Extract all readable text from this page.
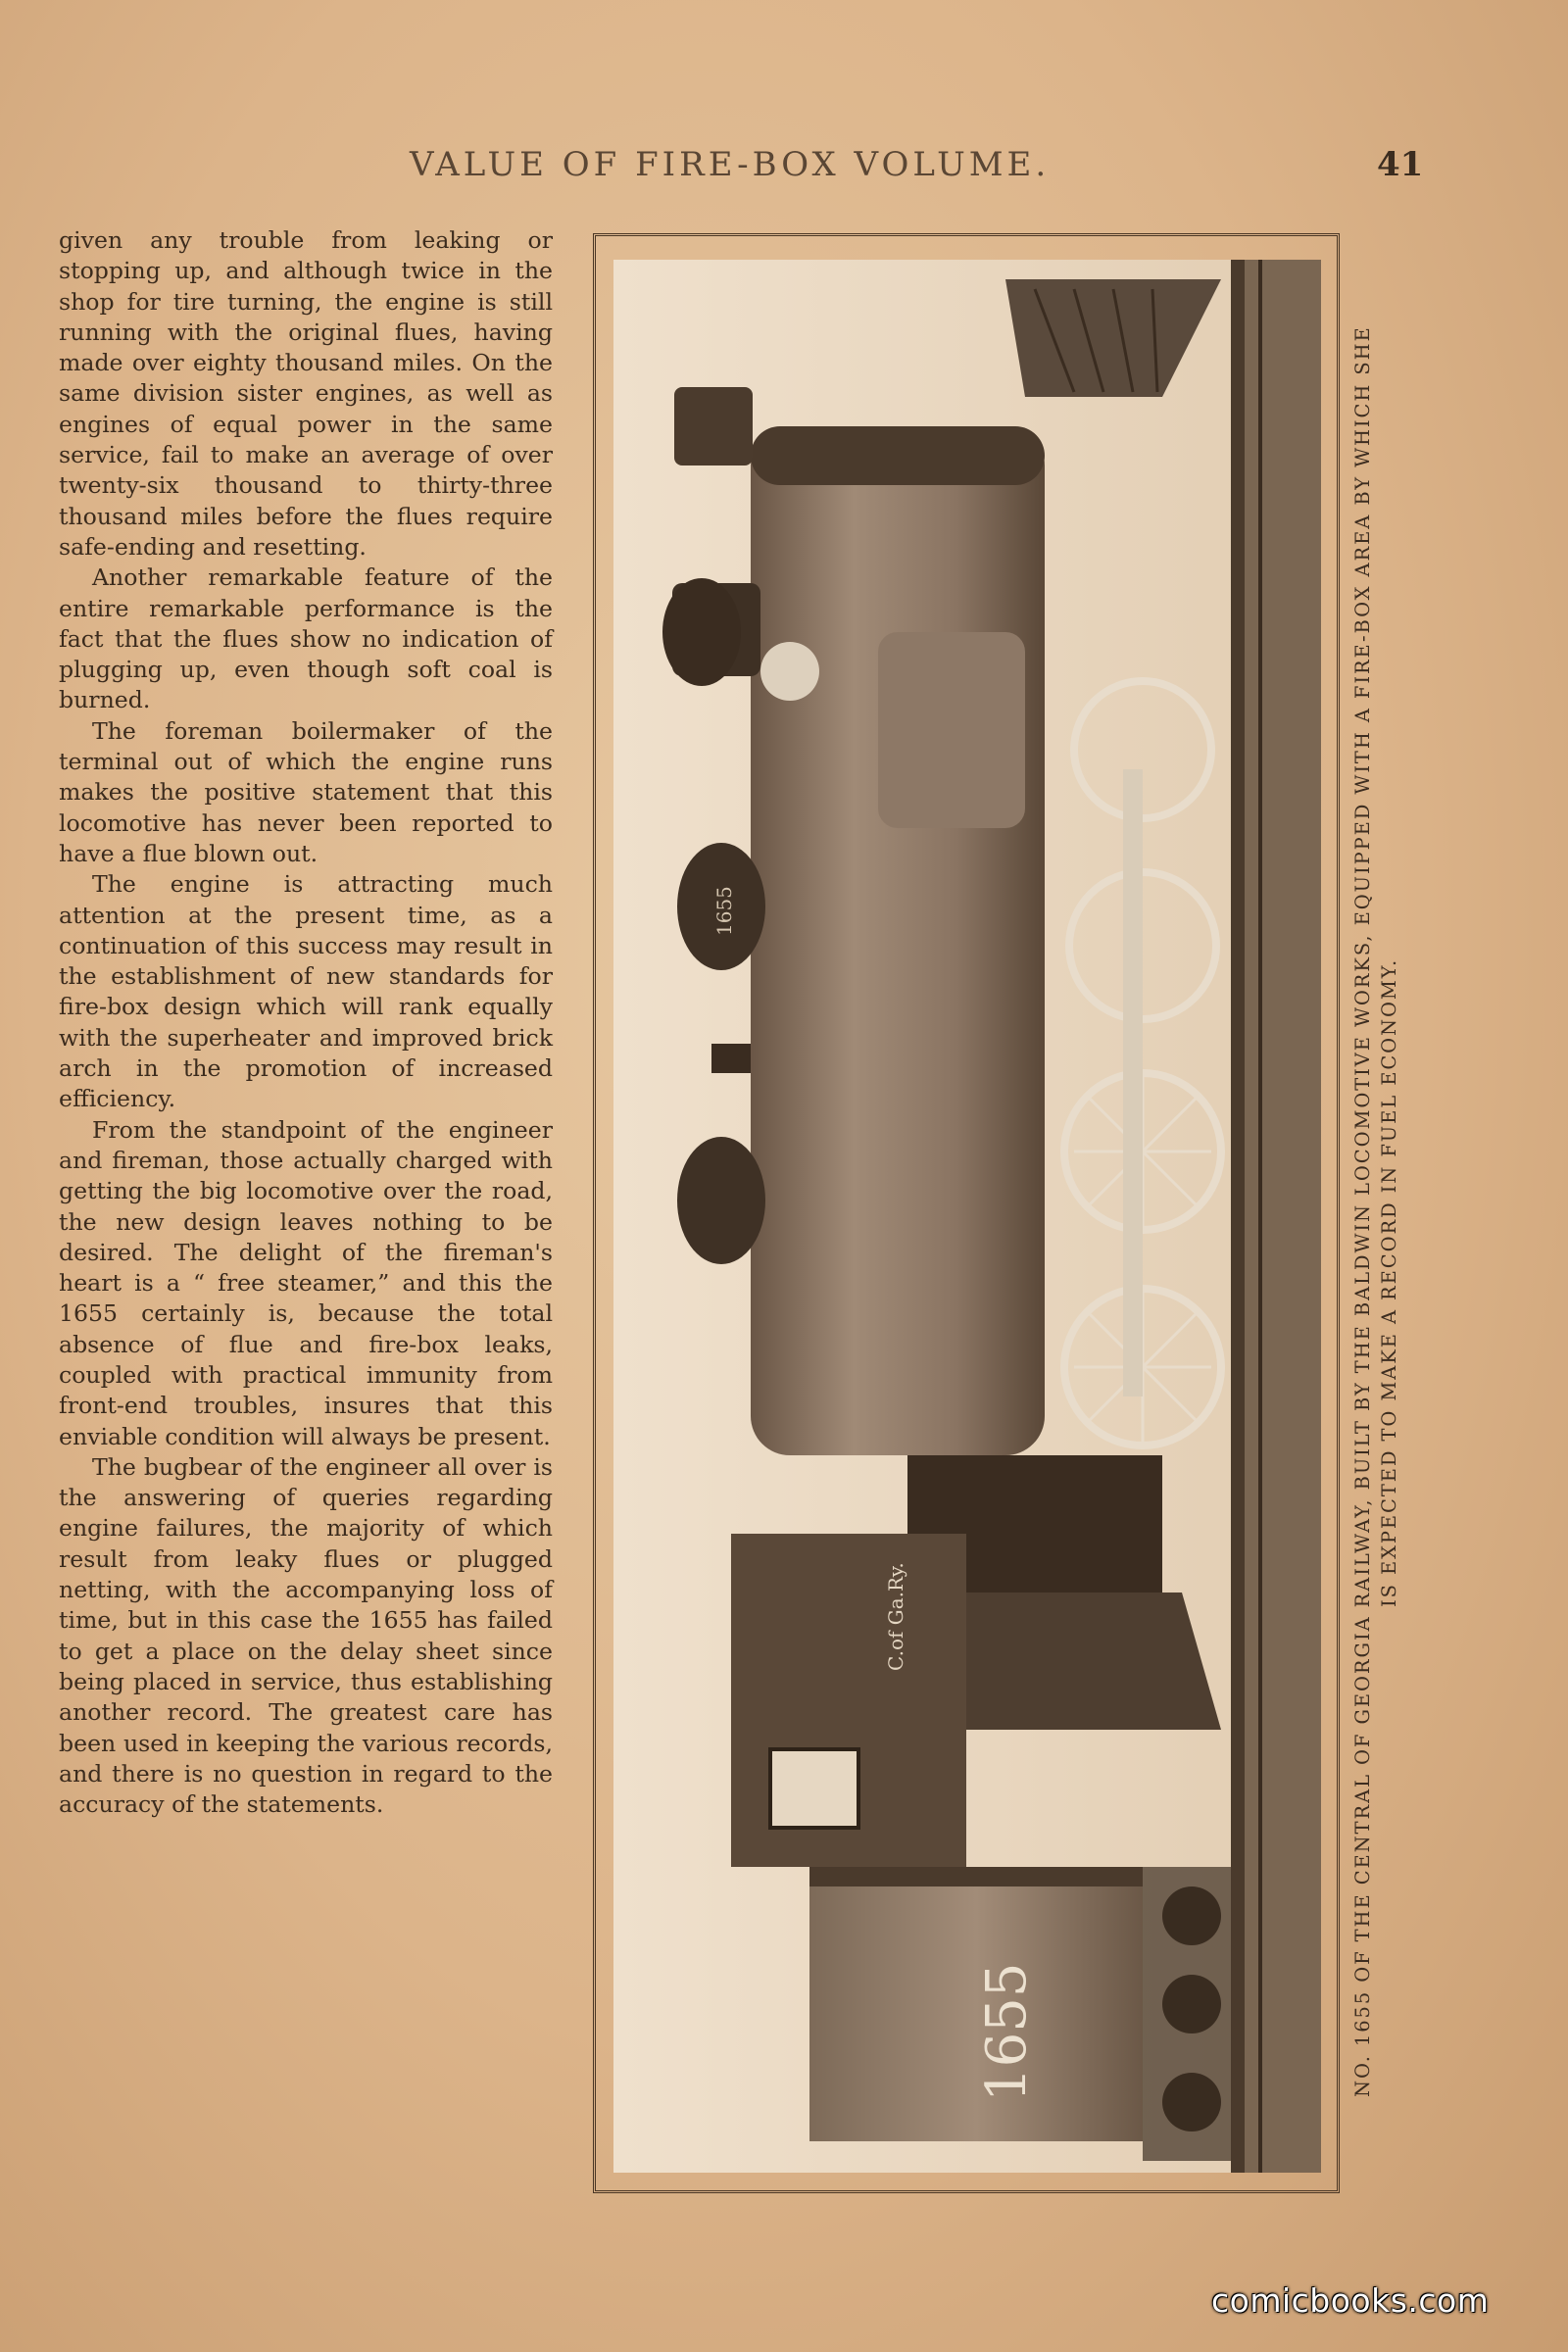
VALUE OF FIRE-BOX VOLUME.	41

given any trouble from leaking or stopping up, and although twice in the shop for tire turning, the engine is still running with the original flues, having made over eighty thousand miles. On the same division sister engines, as well as engines of equal power in the same service, fail to make an average of over twenty-six thousand to thirty-three thousand miles before the flues require safe-ending and resetting.

Another remarkable feature of the entire remarkable performance is the fact that the flues show no indication of plugging up, even though soft coal is burned.

The foreman boilermaker of the terminal out of which the engine runs makes the positive statement that this locomotive has never been reported to have a flue blown out.

The engine is attracting much attention at the present time, as a continuation of this success may result in the establishment of new standards for fire-box design which will rank equally with the superheater and improved brick arch in the promotion of increased efficiency.

From the standpoint of the engineer and fireman, those actually charged with getting the big locomotive over the road, the new design leaves nothing to be desired. The delight of the fireman's heart is a “ free steamer,” and this the 1655 certainly is, because the total absence of flue and fire-box leaks, coupled with practical immunity from front-end troubles, insures that this enviable condition will always be present.

The bugbear of the engineer all over is the answering of queries regarding engine failures, the majority of which result from leaky flues or plugged netting, with the accompanying loss of time, but in this case the 1655 has failed to get a place on the delay sheet since being placed in service, thus establishing another record. The greatest care has been used in keeping the various records, and there is no question in regard to the accuracy of the statements.

1655
C.of Ga.Ry.
1655	NO. 1655 OF THE CENTRAL OF GEORGIA RAILWAY, BUILT BY THE BALDWIN LOCOMOTIVE WORKS, EQUIPPED WITH A FIRE-BOX AREA BY WHICH SHE IS EXPECTED TO MAKE A RECORD IN FUEL ECONOMY.
comicbooks.com
